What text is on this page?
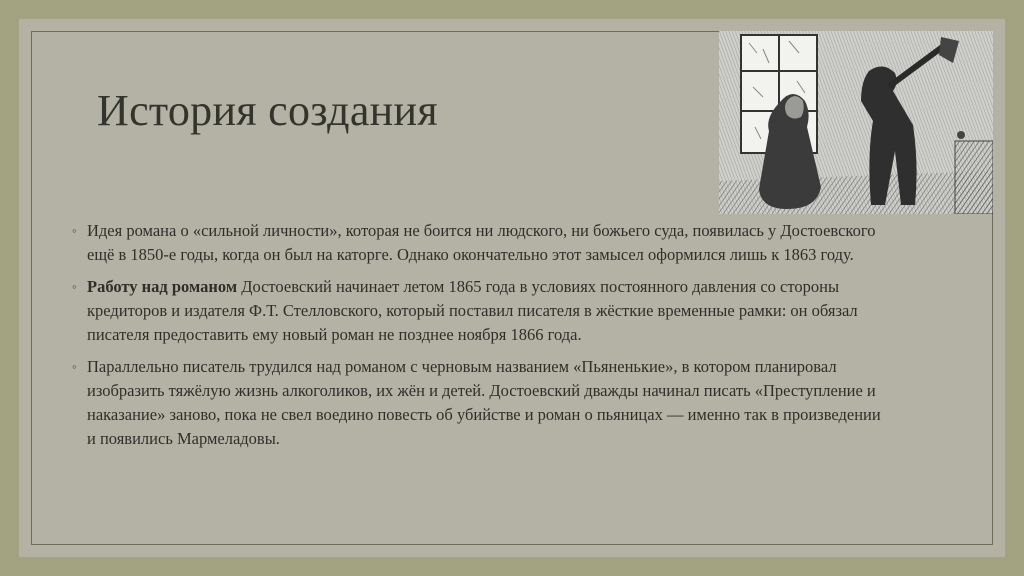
История создания
◦ Идея романа о «сильной личности», которая не боится ни людского, ни божьего суда, появилась у Достоевского ещё в 1850-е годы, когда он был на каторге. Однако окончательно этот замысел оформился лишь к 1863 году.
◦ Работу над романом Достоевский начинает летом 1865 года в условиях постоянного давления со стороны кредиторов и издателя Ф.Т. Стелловского, который поставил писателя в жёсткие временные рамки: он обязал писателя предоставить ему новый роман не позднее ноября 1866 года.
◦ Параллельно писатель трудился над романом с черновым названием «Пьяненькие», в котором планировал изобразить тяжёлую жизнь алкоголиков, их жён и детей. Достоевский дважды начинал писать «Преступление и наказание» заново, пока не свел воедино повесть об убийстве и роман о пьяницах — именно так в произведении и появились Мармеладовы.
